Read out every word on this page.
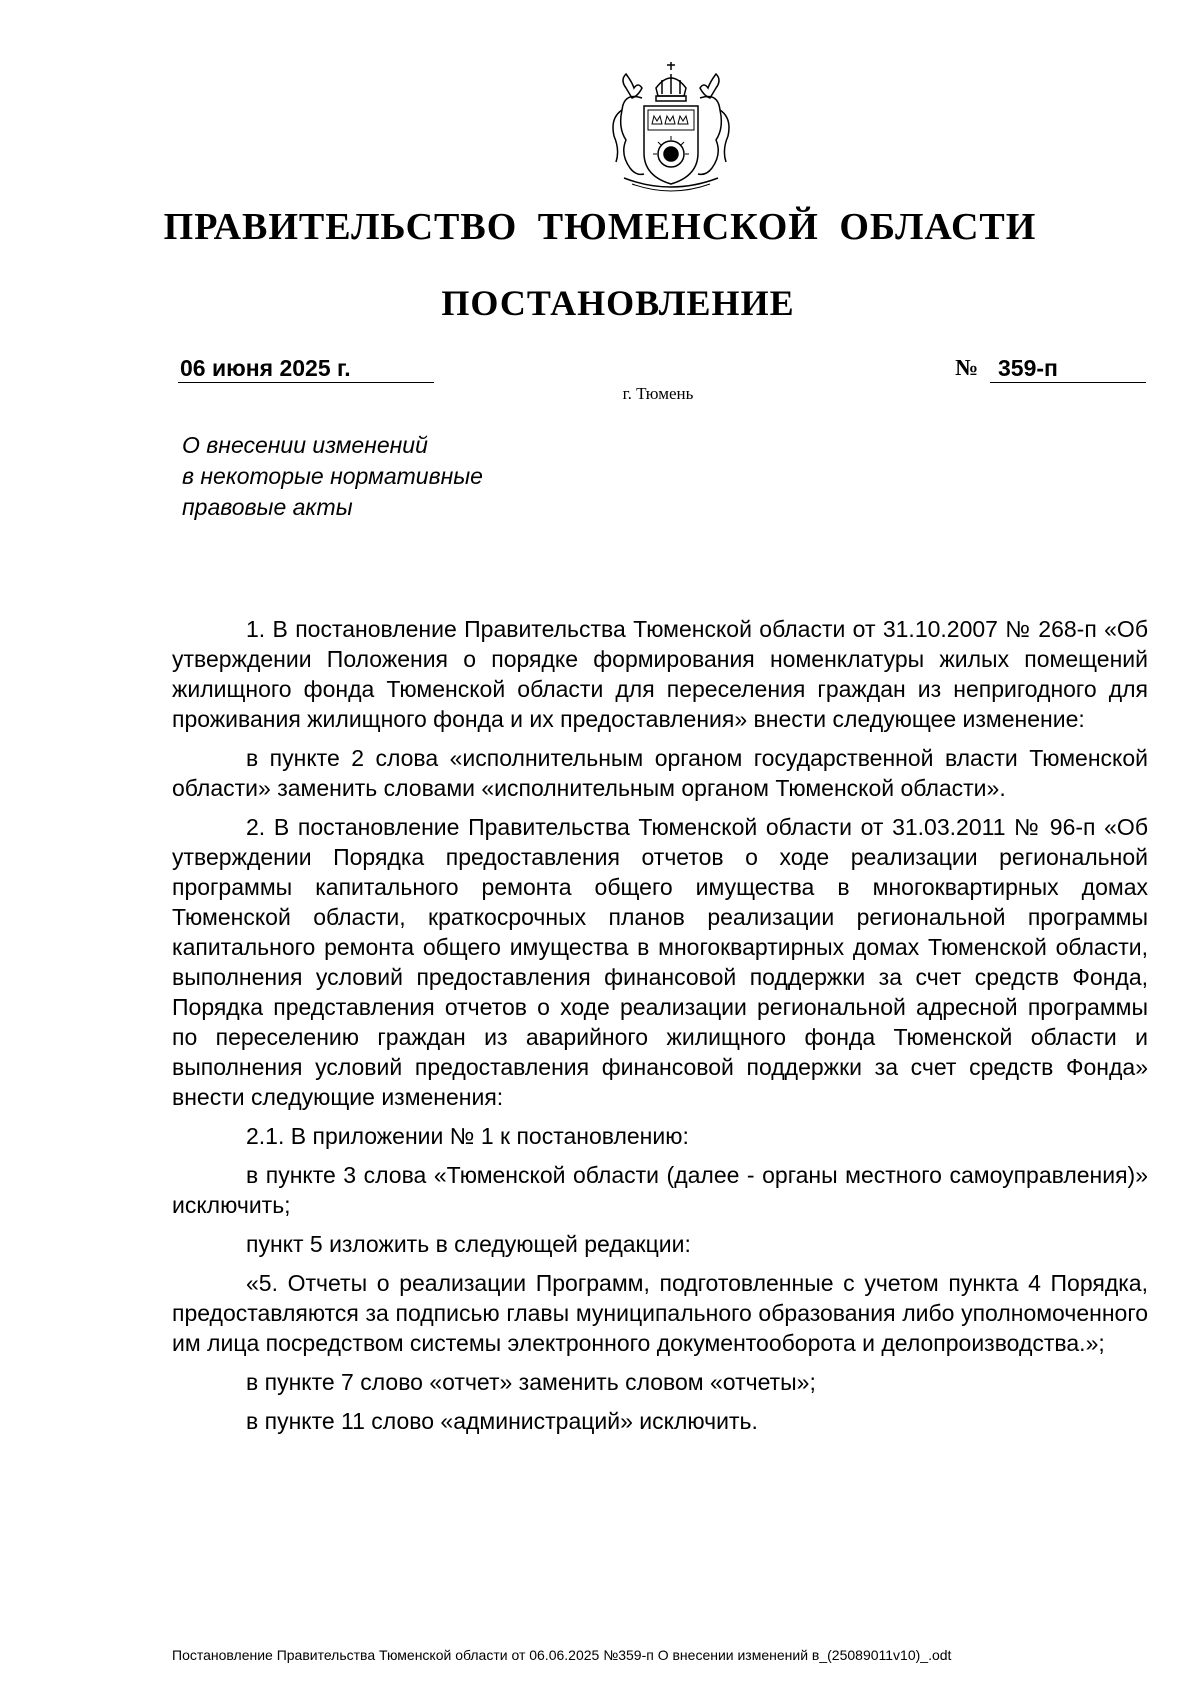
ПРАВИТЕЛЬСТВО ТЮМЕНСКОЙ ОБЛАСТИ
ПОСТАНОВЛЕНИЕ
06 июня 2025 г.	№ 359-п
г. Тюмень
О внесении изменений
в некоторые нормативные
правовые акты

1. В постановление Правительства Тюменской области от 31.10.2007 № 268-п «Об утверждении Положения о порядке формирования номенклатуры жилых помещений жилищного фонда Тюменской области для переселения граждан из непригодного для проживания жилищного фонда и их предоставления» внести следующее изменение:

в пункте 2 слова «исполнительным органом государственной власти Тюменской области» заменить словами «исполнительным органом Тюменской области».

2. В постановление Правительства Тюменской области от 31.03.2011 № 96-п «Об утверждении Порядка предоставления отчетов о ходе реализации региональной программы капитального ремонта общего имущества в многоквартирных домах Тюменской области, краткосрочных планов реализации региональной программы капитального ремонта общего имущества в многоквартирных домах Тюменской области, выполнения условий предоставления финансовой поддержки за счет средств Фонда, Порядка представления отчетов о ходе реализации региональной адресной программы по переселению граждан из аварийного жилищного фонда Тюменской области и выполнения условий предоставления финансовой поддержки за счет средств Фонда» внести следующие изменения:

2.1. В приложении № 1 к постановлению:

в пункте 3 слова «Тюменской области (далее - органы местного самоуправления)» исключить;

пункт 5 изложить в следующей редакции:

«5. Отчеты о реализации Программ, подготовленные с учетом пункта 4 Порядка, предоставляются за подписью главы муниципального образования либо уполномоченного им лица посредством системы электронного документооборота и делопроизводства.»;

в пункте 7 слово «отчет» заменить словом «отчеты»;

в пункте 11 слово «администраций» исключить.

Постановление Правительства Тюменской области от 06.06.2025 №359-п О внесении изменений в_(25089011v10)_.odt
